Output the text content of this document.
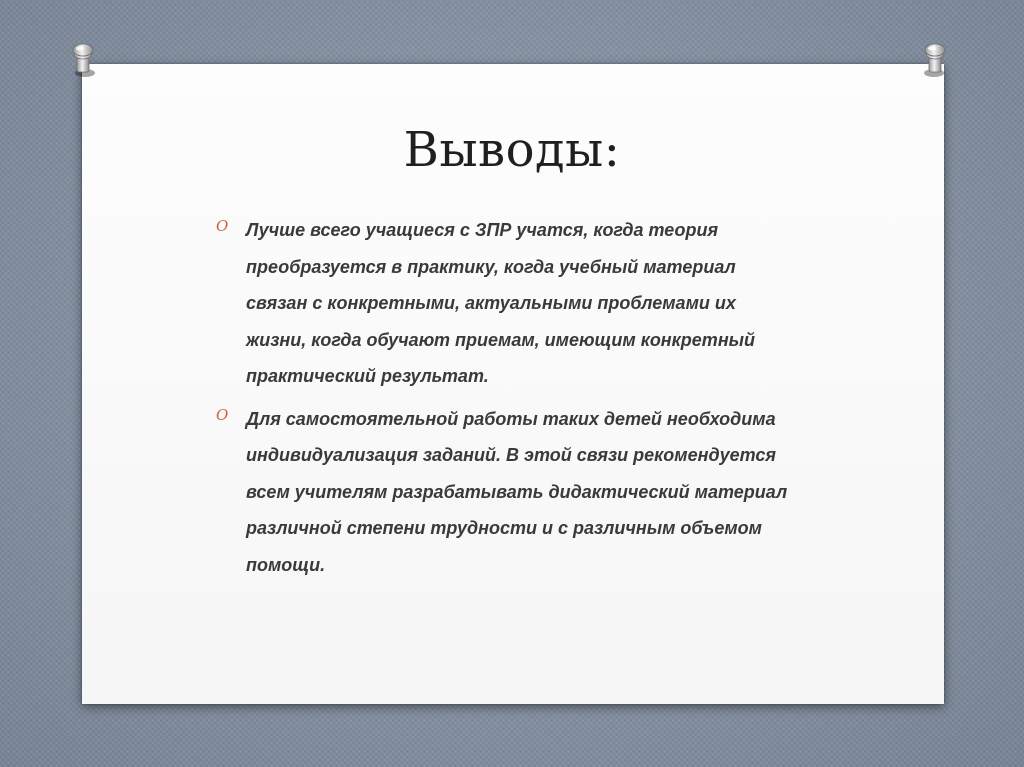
Выводы:
O Лучше всего учащиеся с ЗПР учатся, когда теория
преобразуется в практику, когда учебный материал
связан с конкретными, актуальными проблемами их
жизни, когда обучают приемам, имеющим конкретный
практический результат.
O Для самостоятельной работы таких детей необходима
индивидуализация заданий. В этой связи рекомендуется
всем учителям разрабатывать дидактический материал
различной степени трудности и с различным объемом
помощи.
